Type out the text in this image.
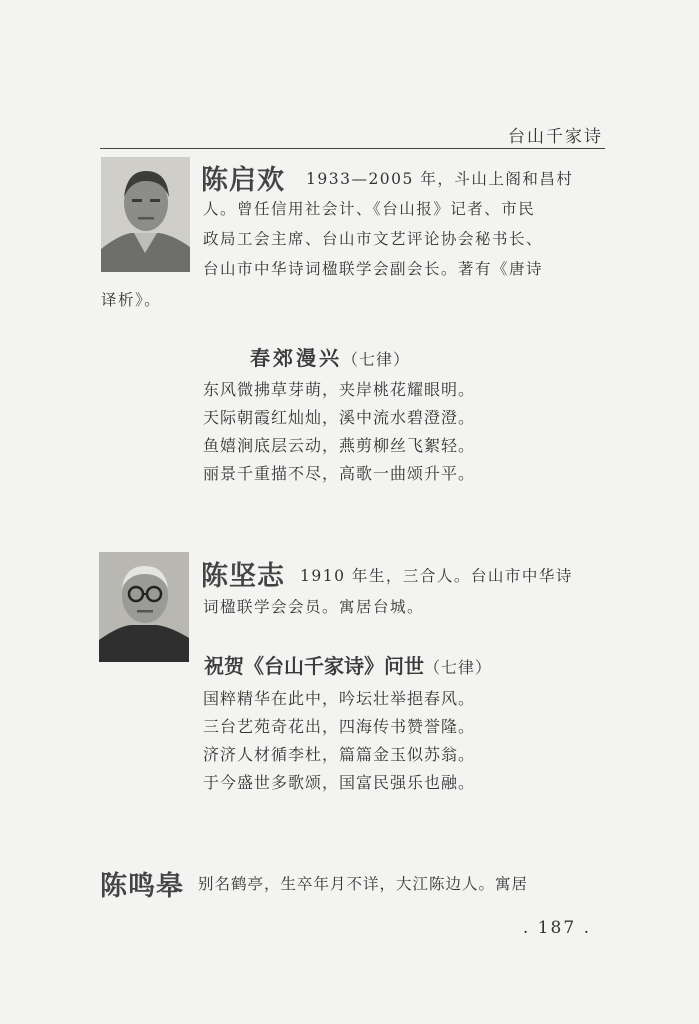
台山千家诗
陈启欢 1933—2005 年，斗山上阁和昌村
人。曾任信用社会计、《台山报》记者、市民
政局工会主席、台山市文艺评论协会秘书长、
台山市中华诗词楹联学会副会长。著有《唐诗
译析》。
春郊漫兴（七律）
东风微拂草芽萌，夹岸桃花耀眼明。
天际朝霞红灿灿，溪中流水碧澄澄。
鱼嬉涧底层云动，燕剪柳丝飞絮轻。
丽景千重描不尽，高歌一曲颂升平。
陈坚志 1910 年生，三合人。台山市中华诗
词楹联学会会员。寓居台城。
祝贺《台山千家诗》问世（七律）
国粹精华在此中，吟坛壮举挹春风。
三台艺苑奇花出，四海传书赞誉隆。
济济人材循李杜，篇篇金玉似苏翁。
于今盛世多歌颂，国富民强乐也融。
陈鸣皋 别名鹤亭，生卒年月不详，大江陈边人。寓居
. 187 .
